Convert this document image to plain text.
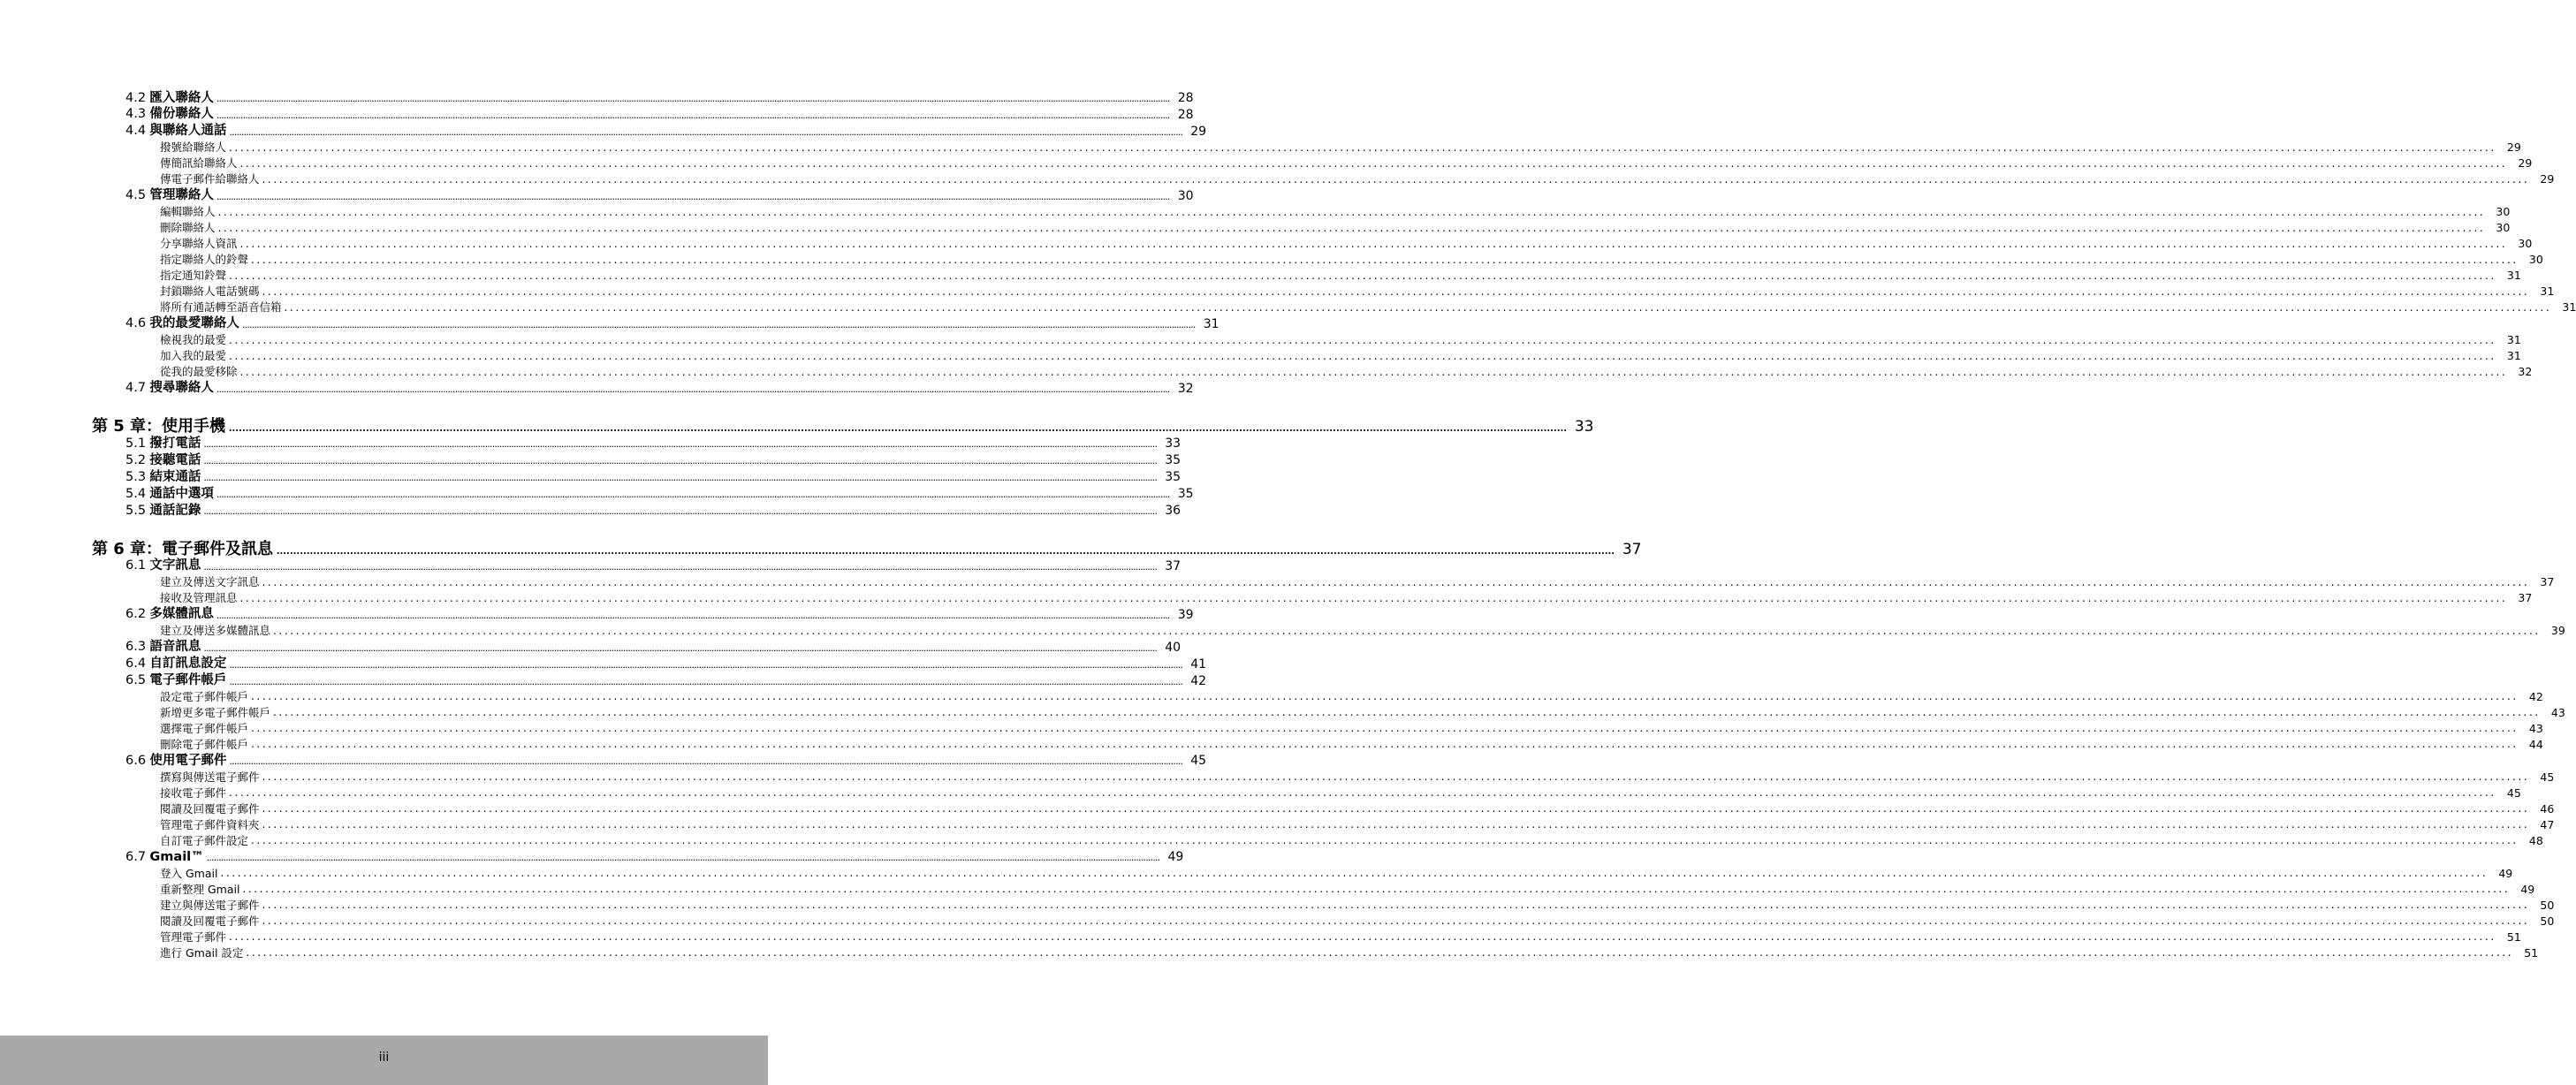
4.2 匯入聯絡人 ................................................................................................................................................................................................................................................................................................................................................................................................................ 28
4.3 備份聯絡人 ................................................................................................................................................................................................................................................................................................................................................................................................................ 28
4.4 與聯絡人通話 ................................................................................................................................................................................................................................................................................................................................................................................................................ 29
撥號給聯絡人 ................................................................................................................................................................................................................................................................................................................................................................................................................ 29
傳簡訊給聯絡人 ................................................................................................................................................................................................................................................................................................................................................................................................................ 29
傳電子郵件給聯絡人 ................................................................................................................................................................................................................................................................................................................................................................................................................ 29
4.5 管理聯絡人 ................................................................................................................................................................................................................................................................................................................................................................................................................ 30
編輯聯絡人 ................................................................................................................................................................................................................................................................................................................................................................................................................ 30
刪除聯絡人 ................................................................................................................................................................................................................................................................................................................................................................................................................ 30
分享聯絡人資訊 ................................................................................................................................................................................................................................................................................................................................................................................................................ 30
指定聯絡人的鈴聲 ................................................................................................................................................................................................................................................................................................................................................................................................................ 30
指定通知鈴聲 ................................................................................................................................................................................................................................................................................................................................................................................................................ 31
封鎖聯絡人電話號碼 ................................................................................................................................................................................................................................................................................................................................................................................................................ 31
將所有通話轉至語音信箱 ................................................................................................................................................................................................................................................................................................................................................................................................................ 31
4.6 我的最愛聯絡人 ................................................................................................................................................................................................................................................................................................................................................................................................................ 31
檢視我的最愛 ................................................................................................................................................................................................................................................................................................................................................................................................................ 31
加入我的最愛 ................................................................................................................................................................................................................................................................................................................................................................................................................ 31
從我的最愛移除 ................................................................................................................................................................................................................................................................................................................................................................................................................ 32
4.7 搜尋聯絡人 ................................................................................................................................................................................................................................................................................................................................................................................................................ 32
第 5 章：使用手機 ................................................................................................................................................................................................................................................................................................................................................................................................................ 33
5.1 撥打電話 ................................................................................................................................................................................................................................................................................................................................................................................................................ 33
5.2 接聽電話 ................................................................................................................................................................................................................................................................................................................................................................................................................ 35
5.3 結束通話 ................................................................................................................................................................................................................................................................................................................................................................................................................ 35
5.4 通話中選項 ................................................................................................................................................................................................................................................................................................................................................................................................................ 35
5.5 通話記錄 ................................................................................................................................................................................................................................................................................................................................................................................................................ 36
第 6 章：電子郵件及訊息 ................................................................................................................................................................................................................................................................................................................................................................................................................ 37
6.1 文字訊息 ................................................................................................................................................................................................................................................................................................................................................................................................................ 37
建立及傳送文字訊息 ................................................................................................................................................................................................................................................................................................................................................................................................................ 37
接收及管理訊息 ................................................................................................................................................................................................................................................................................................................................................................................................................ 37
6.2 多媒體訊息 ................................................................................................................................................................................................................................................................................................................................................................................................................ 39
建立及傳送多媒體訊息 ................................................................................................................................................................................................................................................................................................................................................................................................................ 39
6.3 語音訊息 ................................................................................................................................................................................................................................................................................................................................................................................................................ 40
6.4 自訂訊息設定 ................................................................................................................................................................................................................................................................................................................................................................................................................ 41
6.5 電子郵件帳戶 ................................................................................................................................................................................................................................................................................................................................................................................................................ 42
設定電子郵件帳戶 ................................................................................................................................................................................................................................................................................................................................................................................................................ 42
新增更多電子郵件帳戶 ................................................................................................................................................................................................................................................................................................................................................................................................................ 43
選擇電子郵件帳戶 ................................................................................................................................................................................................................................................................................................................................................................................................................ 43
刪除電子郵件帳戶 ................................................................................................................................................................................................................................................................................................................................................................................................................ 44
6.6 使用電子郵件 ................................................................................................................................................................................................................................................................................................................................................................................................................ 45
撰寫與傳送電子郵件 ................................................................................................................................................................................................................................................................................................................................................................................................................ 45
接收電子郵件 ................................................................................................................................................................................................................................................................................................................................................................................................................ 45
閱讀及回覆電子郵件 ................................................................................................................................................................................................................................................................................................................................................................................................................ 46
管理電子郵件資料夾 ................................................................................................................................................................................................................................................................................................................................................................................................................ 47
自訂電子郵件設定 ................................................................................................................................................................................................................................................................................................................................................................................................................ 48
6.7 Gmail™ ................................................................................................................................................................................................................................................................................................................................................................................................................ 49
登入 Gmail ................................................................................................................................................................................................................................................................................................................................................................................................................ 49
重新整理 Gmail ................................................................................................................................................................................................................................................................................................................................................................................................................ 49
建立與傳送電子郵件 ................................................................................................................................................................................................................................................................................................................................................................................................................ 50
閱讀及回覆電子郵件 ................................................................................................................................................................................................................................................................................................................................................................................................................ 50
管理電子郵件 ................................................................................................................................................................................................................................................................................................................................................................................................................ 51
進行 Gmail 設定 ................................................................................................................................................................................................................................................................................................................................................................................................................ 51
iii
